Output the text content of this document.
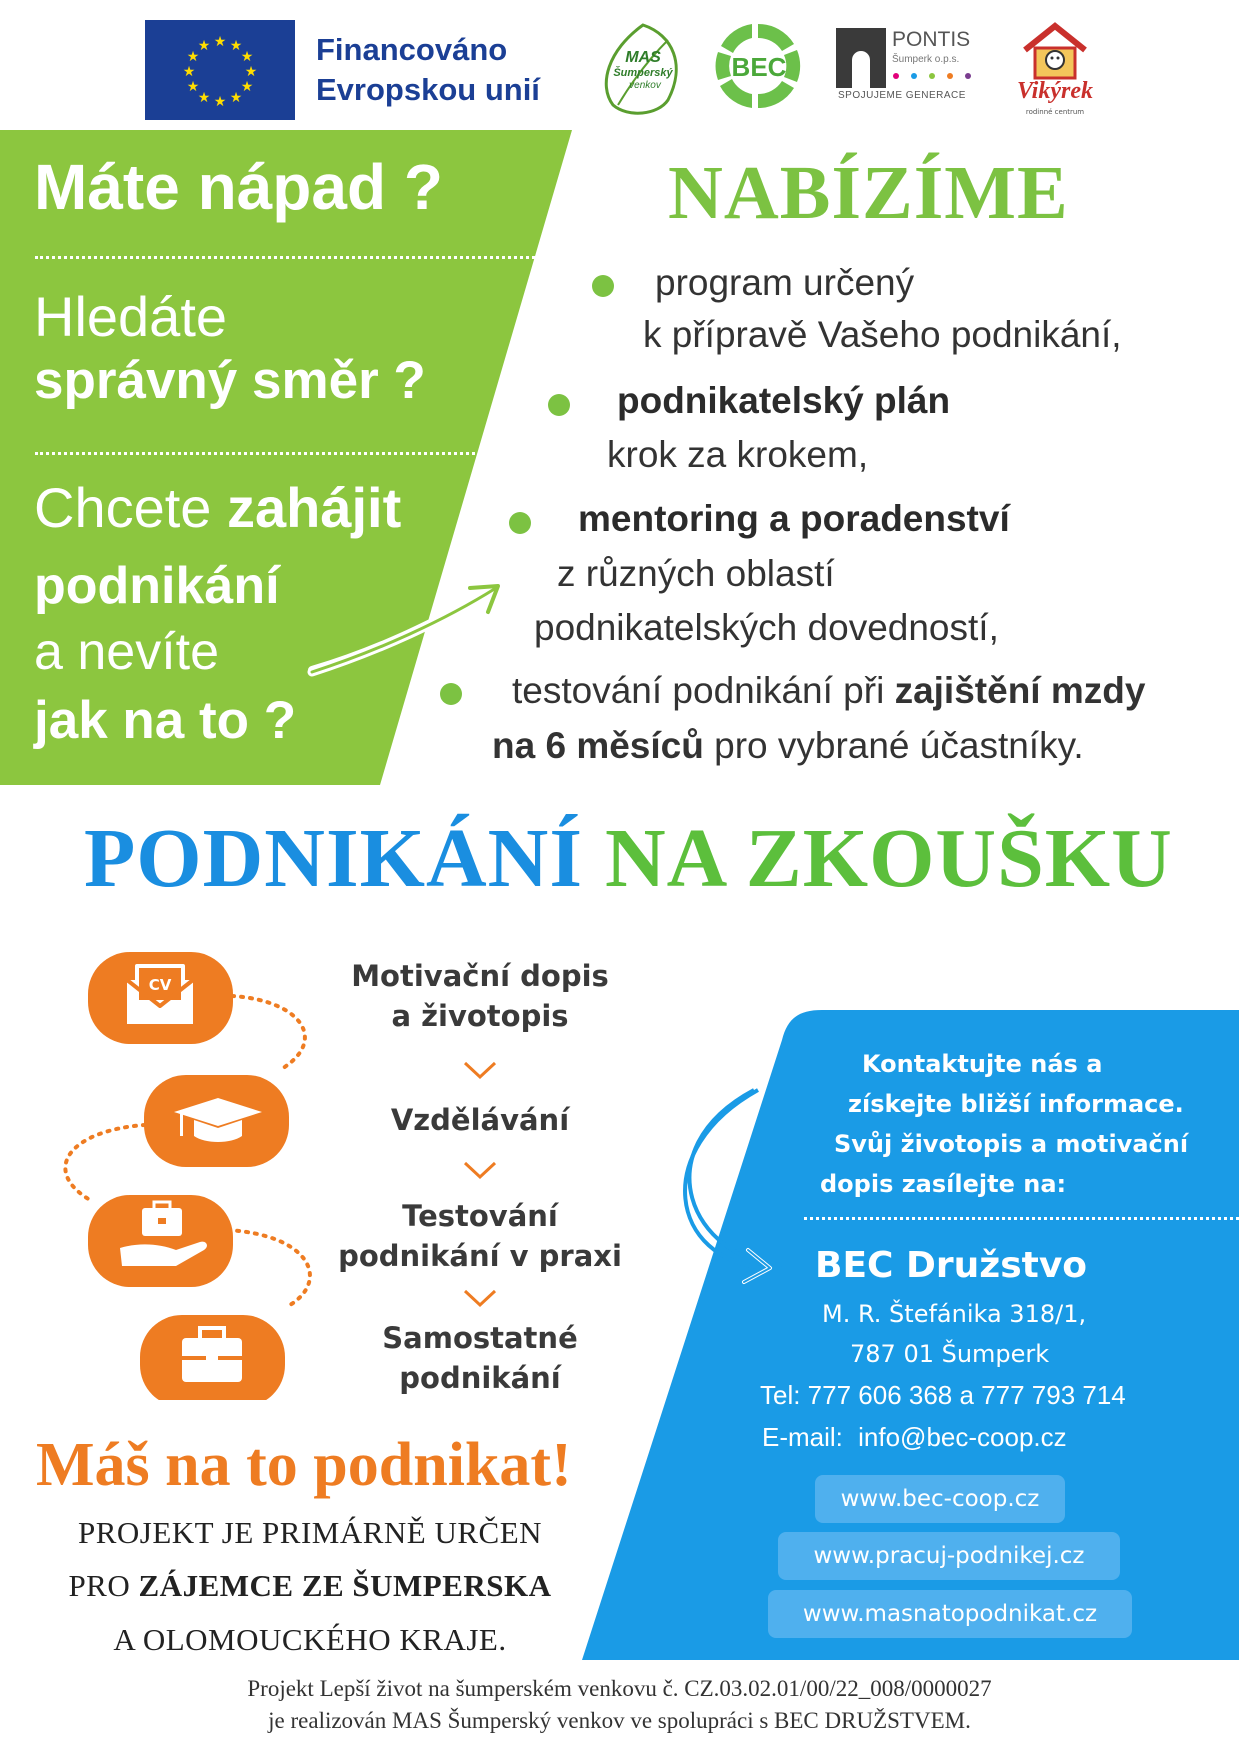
★ ★
★
★
★
★
★
★
★
★
★
★	Financováno
Evropskou unií
MAS
Šumperský
venkov
BEC
PONTIS
Šumperk o.p.s.
SPOJUJEME GENERACE	Vikýrek
rodinné centrum
Máte nápad ?
Hledáte
správný směr ?
Chcete zahájit
podnikání
a nevíte
jak na to ?
NABÍZÍME
program určený
k přípravě Vašeho podnikání,
podnikatelský plán
krok za krokem,
mentoring a poradenství
z různých oblastí
podnikatelských dovedností,
testování podnikání při zajištění mzdy
na 6 měsíců pro vybrané účastníky.
PODNIKÁNÍ NA ZKOUŠKU
CV	Motivační dopis
a životopis
Vzdělávání
Testování
podnikání v praxi
Samostatné
podnikání
Máš na to podnikat!
PROJEKT JE PRIMÁRNĚ URČEN
PRO ZÁJEMCE ZE ŠUMPERSKA
A OLOMOUCKÉHO KRAJE.
Kontaktujte nás a
získejte bližší informace.
Svůj životopis a motivační
dopis zasílejte na:
BEC Družstvo
M. R. Štefánika 318/1,
787 01 Šumperk
Tel: 777 606 368 a 777 793 714
E-mail: info@bec-coop.cz
www.bec-coop.cz
www.pracuj-podnikej.cz
www.masnatopodnikat.cz
Projekt Lepší život na šumperském venkovu č. CZ.03.02.01/00/22_008/0000027
je realizován MAS Šumperský venkov ve spolupráci s BEC DRUŽSTVEM.
